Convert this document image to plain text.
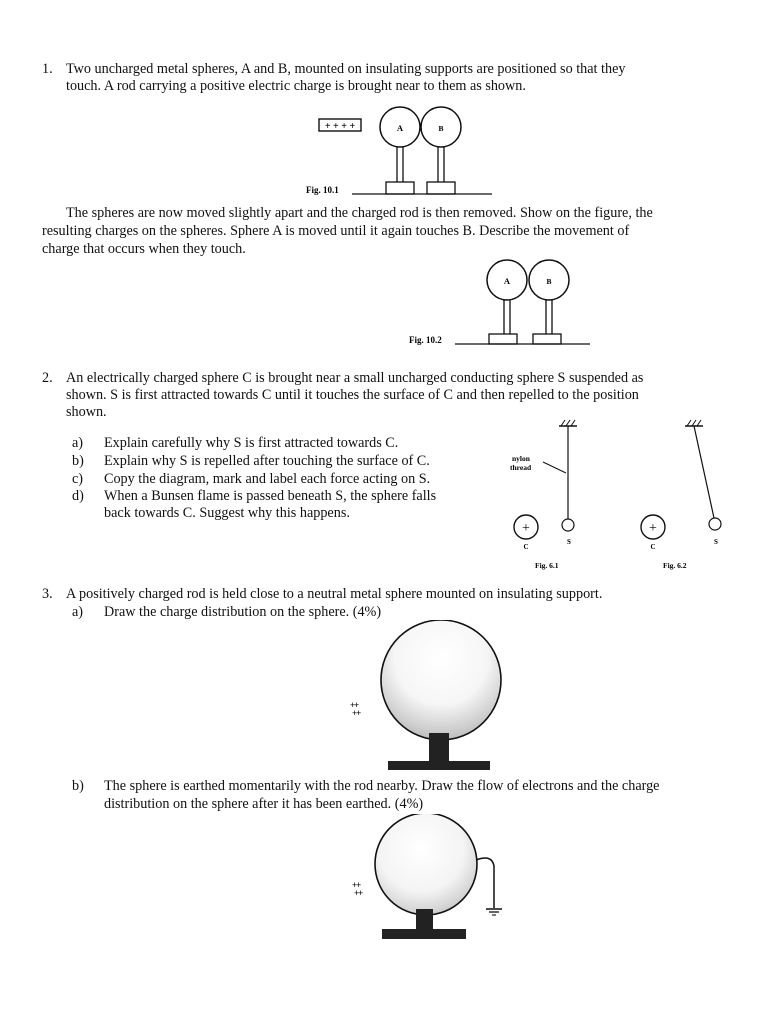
1. Two uncharged metal spheres, A and B, mounted on insulating supports are positioned so that they
touch. A rod carrying a positive electric charge is brought near to them as shown.
+ + + +	A	B
Fig. 10.1
The spheres are now moved slightly apart and the charged rod is then removed. Show on the figure, the
resulting charges on the spheres. Sphere A is moved until it again touches B. Describe the movement of
charge that occurs when they touch.
A	B
Fig. 10.2
2. An electrically charged sphere C is brought near a small uncharged conducting sphere S suspended as
shown. S is first attracted towards C until it touches the surface of C and then repelled to the position
shown.
a) Explain carefully why S is first attracted towards C.
b) Explain why S is repelled after touching the surface of C.
c) Copy the diagram, mark and label each force acting on S.
d) When a Bunsen flame is passed beneath S, the sphere falls
back towards C. Suggest why this happens.
nylon
thread
S
+
C
Fig. 6.1
S
+
C
Fig. 6.2
3. A positively charged rod is held close to a neutral metal sphere mounted on insulating support.
a) Draw the charge distribution on the sphere. (4%)
++
++
b) The sphere is earthed momentarily with the rod nearby. Draw the flow of electrons and the charge
distribution on the sphere after it has been earthed. (4%)
++
++
